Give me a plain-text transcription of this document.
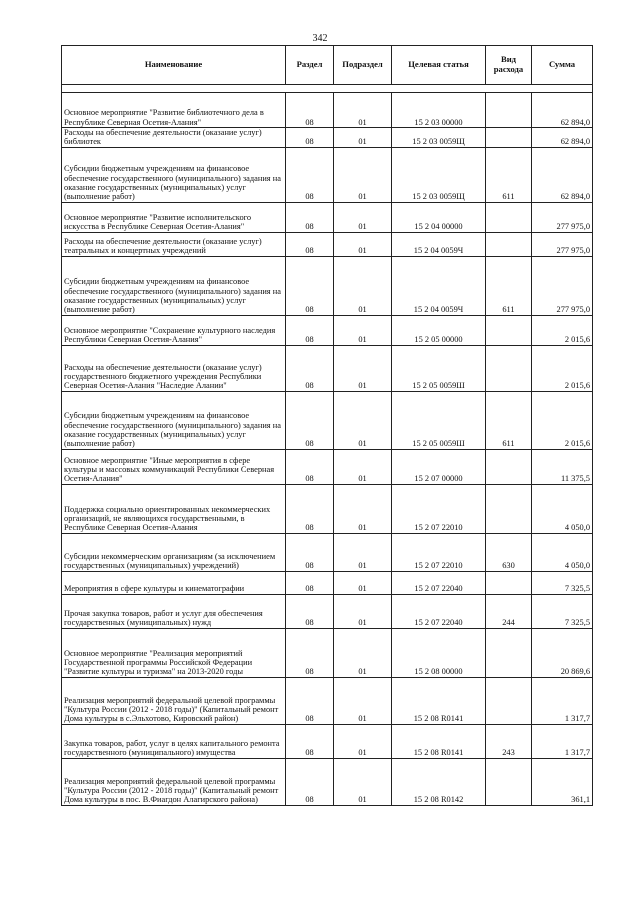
342
Наименование	Раздел	Подраздел	Целевая статья	Вид расхода	Сумма

Основное мероприятие "Развитие библиотечного дела в Республике Северная Осетия-Алания"	08	01	15 2 03 00000		62 894,0
Расходы на обеспечение деятельности (оказание услуг) библиотек	08	01	15 2 03 0059Щ		62 894,0
Субсидии бюджетным учреждениям на финансовое обеспечение государственного (муниципального) задания на оказание государственных (муниципальных) услуг (выполнение работ)	08	01	15 2 03 0059Щ	611	62 894,0
Основное мероприятие "Развитие исполнительского искусства в Республике Северная Осетия-Алания"	08	01	15 2 04 00000		277 975,0
Расходы на обеспечение деятельности (оказание услуг) театральных и концертных учреждений	08	01	15 2 04 0059Ч		277 975,0
Субсидии бюджетным учреждениям на финансовое обеспечение государственного (муниципального) задания на оказание государственных (муниципальных) услуг (выполнение работ)	08	01	15 2 04 0059Ч	611	277 975,0
Основное мероприятие "Сохранение культурного наследия Республики Северная Осетия-Алания"	08	01	15 2 05 00000		2 015,6
Расходы на обеспечение деятельности (оказание услуг) государственного бюджетного учреждения Республики Северная Осетия-Алания "Наследие Алании"	08	01	15 2 05 0059Ш		2 015,6
Субсидии бюджетным учреждениям на финансовое обеспечение государственного (муниципального) задания на оказание государственных (муниципальных) услуг (выполнение работ)	08	01	15 2 05 0059Ш	611	2 015,6
Основное мероприятие "Иные мероприятия в сфере культуры и массовых коммуникаций Республики Северная Осетия-Алания"	08	01	15 2 07 00000		11 375,5
Поддержка социально ориентированных некоммерческих организаций, не являющихся государственными, в Республике Северная Осетия-Алания	08	01	15 2 07 22010		4 050,0
Субсидии некоммерческим организациям (за исключением государственных (муниципальных) учреждений)	08	01	15 2 07 22010	630	4 050,0
Мероприятия в сфере культуры и кинематографии	08	01	15 2 07 22040		7 325,5
Прочая закупка товаров, работ и услуг для обеспечения государственных (муниципальных) нужд	08	01	15 2 07 22040	244	7 325,5
Основное мероприятие "Реализация мероприятий Государственной программы Российской Федерации "Развитие культуры и туризма" на 2013-2020 годы	08	01	15 2 08 00000		20 869,6
Реализация мероприятий федеральной целевой программы "Культура России (2012 - 2018 годы)" (Капитальный ремонт Дома культуры в с.Эльхотово, Кировский район)	08	01	15 2 08 R0141		1 317,7
Закупка товаров, работ, услуг в целях капитального ремонта государственного (муниципального) имущества	08	01	15 2 08 R0141	243	1 317,7
Реализация мероприятий федеральной целевой программы "Культура России (2012 - 2018 годы)" (Капитальный ремонт Дома культуры в пос. В.Фиагдон Алагирского района)	08	01	15 2 08 R0142		361,1
